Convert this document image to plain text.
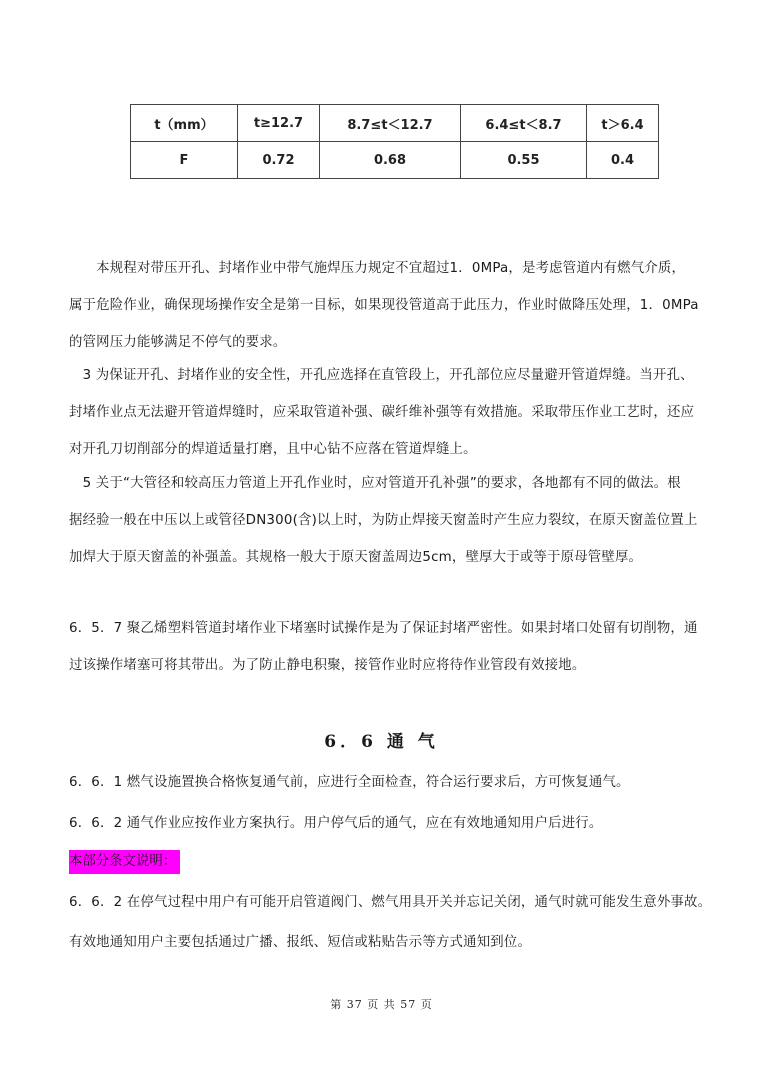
t（mm）	t≥12.7	8.7≤t＜12.7	6.4≤t＜8.7	t＞6.4
F	0.72	0.68	0.55	0.4
　　本规程对带压开孔、封堵作业中带气施焊压力规定不宜超过1．0MPa，是考虑管道内有燃气介质，
属于危险作业，确保现场操作安全是第一目标，如果现役管道高于此压力，作业时做降压处理，1．0MPa
的管网压力能够满足不停气的要求。
　3 为保证开孔、封堵作业的安全性，开孔应选择在直管段上，开孔部位应尽量避开管道焊缝。当开孔、
封堵作业点无法避开管道焊缝时，应采取管道补强、碳纤维补强等有效措施。采取带压作业工艺时，还应
对开孔刀切削部分的焊道适量打磨，且中心钻不应落在管道焊缝上。
　5 关于“大管径和较高压力管道上开孔作业时，应对管道开孔补强”的要求，各地都有不同的做法。根
据经验一般在中压以上或管径DN300(含)以上时，为防止焊接天窗盖时产生应力裂纹，在原天窗盖位置上
加焊大于原天窗盖的补强盖。其规格一般大于原天窗盖周边5cm，壁厚大于或等于原母管壁厚。
6．5．7 聚乙烯塑料管道封堵作业下堵塞时试操作是为了保证封堵严密性。如果封堵口处留有切削物，通
过该操作堵塞可将其带出。为了防止静电积聚，接管作业时应将待作业管段有效接地。
6．6 通 气
6．6．1 燃气设施置换合格恢复通气前，应进行全面检查，符合运行要求后，方可恢复通气。
6．6．2 通气作业应按作业方案执行。用户停气后的通气，应在有效地通知用户后进行。
本部分条文说明：
6．6．2 在停气过程中用户有可能开启管道阀门、燃气用具开关并忘记关闭，通气时就可能发生意外事故。
有效地通知用户主要包括通过广播、报纸、短信或粘贴告示等方式通知到位。
第 37 页 共 57 页
